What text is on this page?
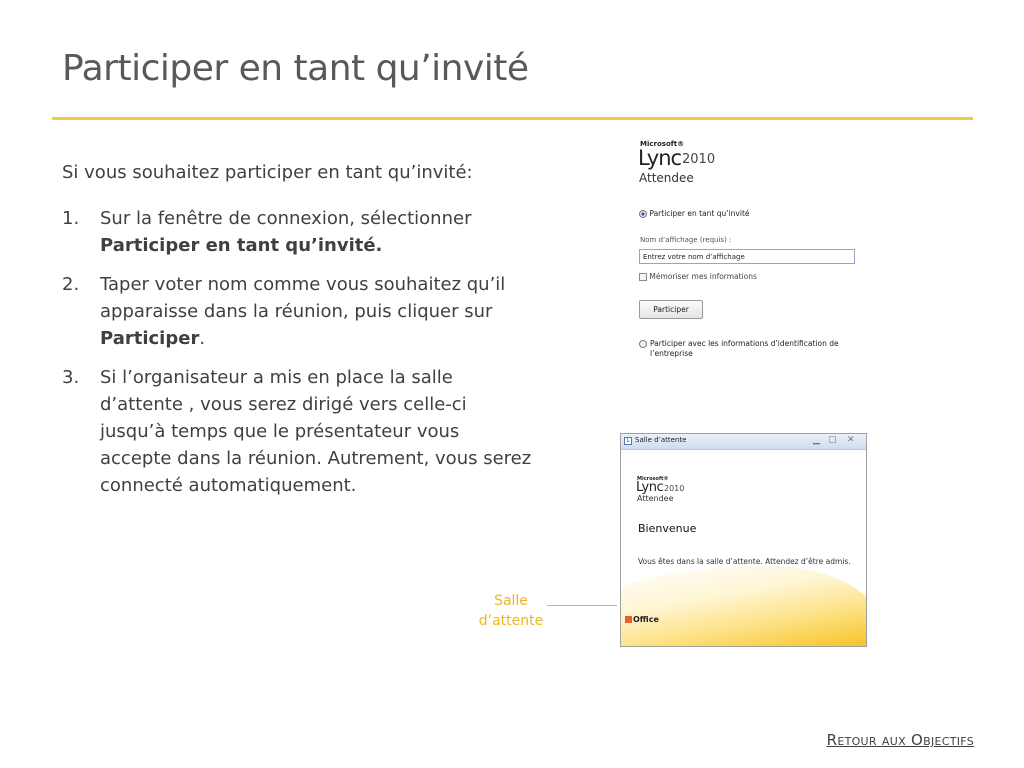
Participer en tant qu’invité
Si vous souhaitez participer en tant qu’invité:
1.	Sur la fenêtre de connexion, sélectionner Participer en tant qu’invité.
2.	Taper voter nom comme vous souhaitez qu’il apparaisse dans la réunion, puis cliquer sur Participer.
3.	Si l’organisateur a mis en place la salle d’attente , vous serez dirigé vers celle-ci jusqu’à temps que le présentateur vous accepte dans la réunion. Autrement, vous serez connecté automatiquement.
Microsoft®
Lync 2010
Attendee
Participer en tant qu’invité
Nom d’affichage (requis) :
Entrez votre nom d’affichage
Mémoriser mes informations
Participer
Participer avec les informations d’identification de l’entreprise
L Salle d’attente	▁ ▢ ✕
Microsoft®
Lync 2010
Attendee
Bienvenue
Vous êtes dans la salle d’attente. Attendez d’être admis.
Office
Salle d’attente
Retour aux Objectifs
